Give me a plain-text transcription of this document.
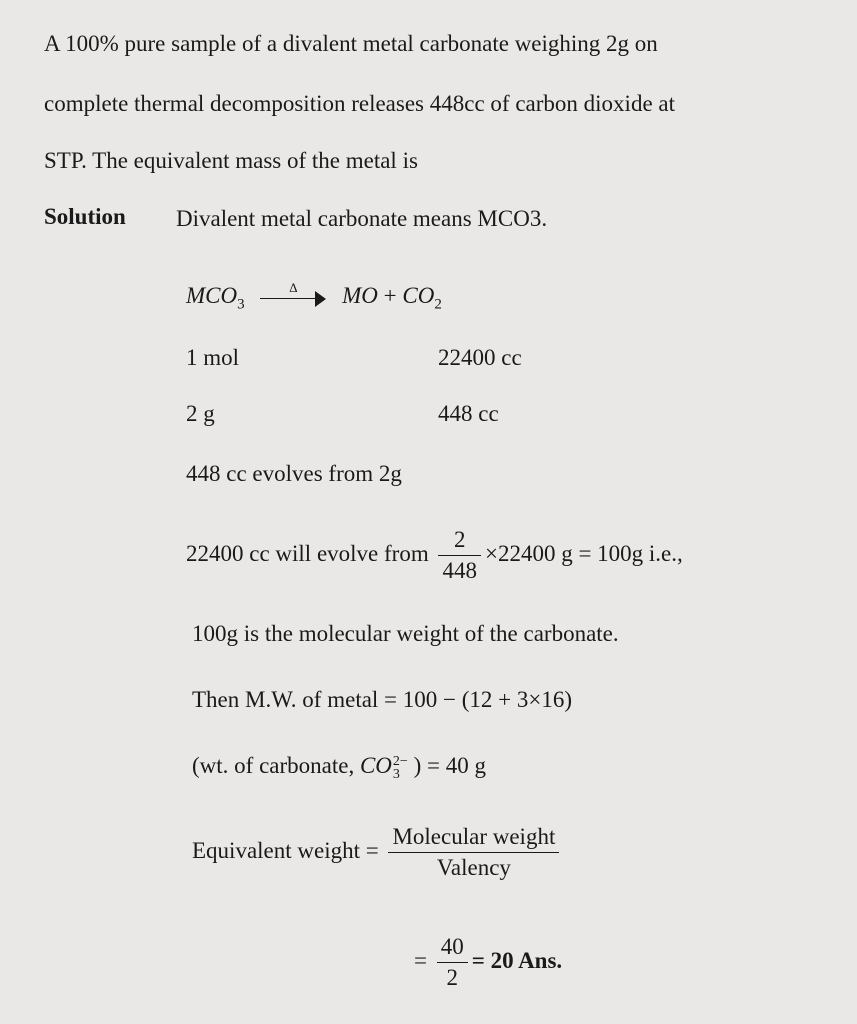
A 100% pure sample of a divalent metal carbonate weighing 2g on
complete thermal decomposition releases 448cc of carbon dioxide at
STP. The equivalent mass of the metal is
Solution Divalent metal carbonate means MCO3.
$MCO_3$
Δ	MO + $CO_2$
1 mol	22400 cc
2 g	448 cc
448 cc evolves from 2g
22400 cc will evolve from $\frac{2}{448} \times 22400$ g = 100g i.e.,
100g is the molecular weight of the carbonate.
Then M.W. of metal = 100 − (12 + 3×16)
(wt. of carbonate, CO 2−
3 ) = 40 g
Equivalent weight = $\frac{\text{Molecular weight}}{\text{Valency}}$
= $\frac{40}{2} = 20$ Ans.
